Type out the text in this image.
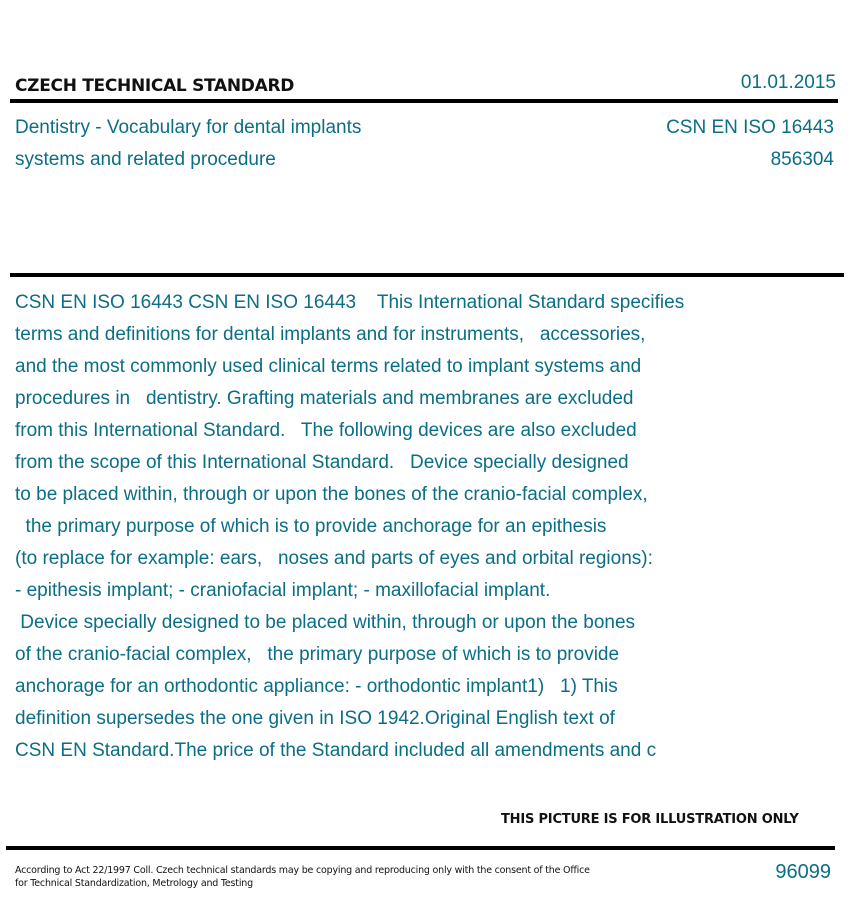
CZECH TECHNICAL STANDARD	01.01.2015
Dentistry - Vocabulary for dental implants
systems and related procedure
CSN EN ISO 16443
856304
CSN EN ISO 16443 CSN EN ISO 16443    This International Standard specifies
terms and definitions for dental implants and for instruments,   accessories,
and the most commonly used clinical terms related to implant systems and
procedures in   dentistry. Grafting materials and membranes are excluded
from this International Standard.   The following devices are also excluded
from the scope of this International Standard.   Device specially designed
to be placed within, through or upon the bones of the cranio-facial complex,
the primary purpose of which is to provide anchorage for an epithesis
(to replace for example: ears,   noses and parts of eyes and orbital regions):
- epithesis implant; - craniofacial implant; - maxillofacial implant.
Device specially designed to be placed within, through or upon the bones
of the cranio-facial complex,   the primary purpose of which is to provide
anchorage for an orthodontic appliance: - orthodontic implant1)   1) This
definition supersedes the one given in ISO 1942.Original English text of
CSN EN Standard.The price of the Standard included all amendments and c
THIS PICTURE IS FOR ILLUSTRATION ONLY
According to Act 22/1997 Coll. Czech technical standards may be copying and reproducing only with the consent of the Office
for Technical Standardization, Metrology and Testing
96099
